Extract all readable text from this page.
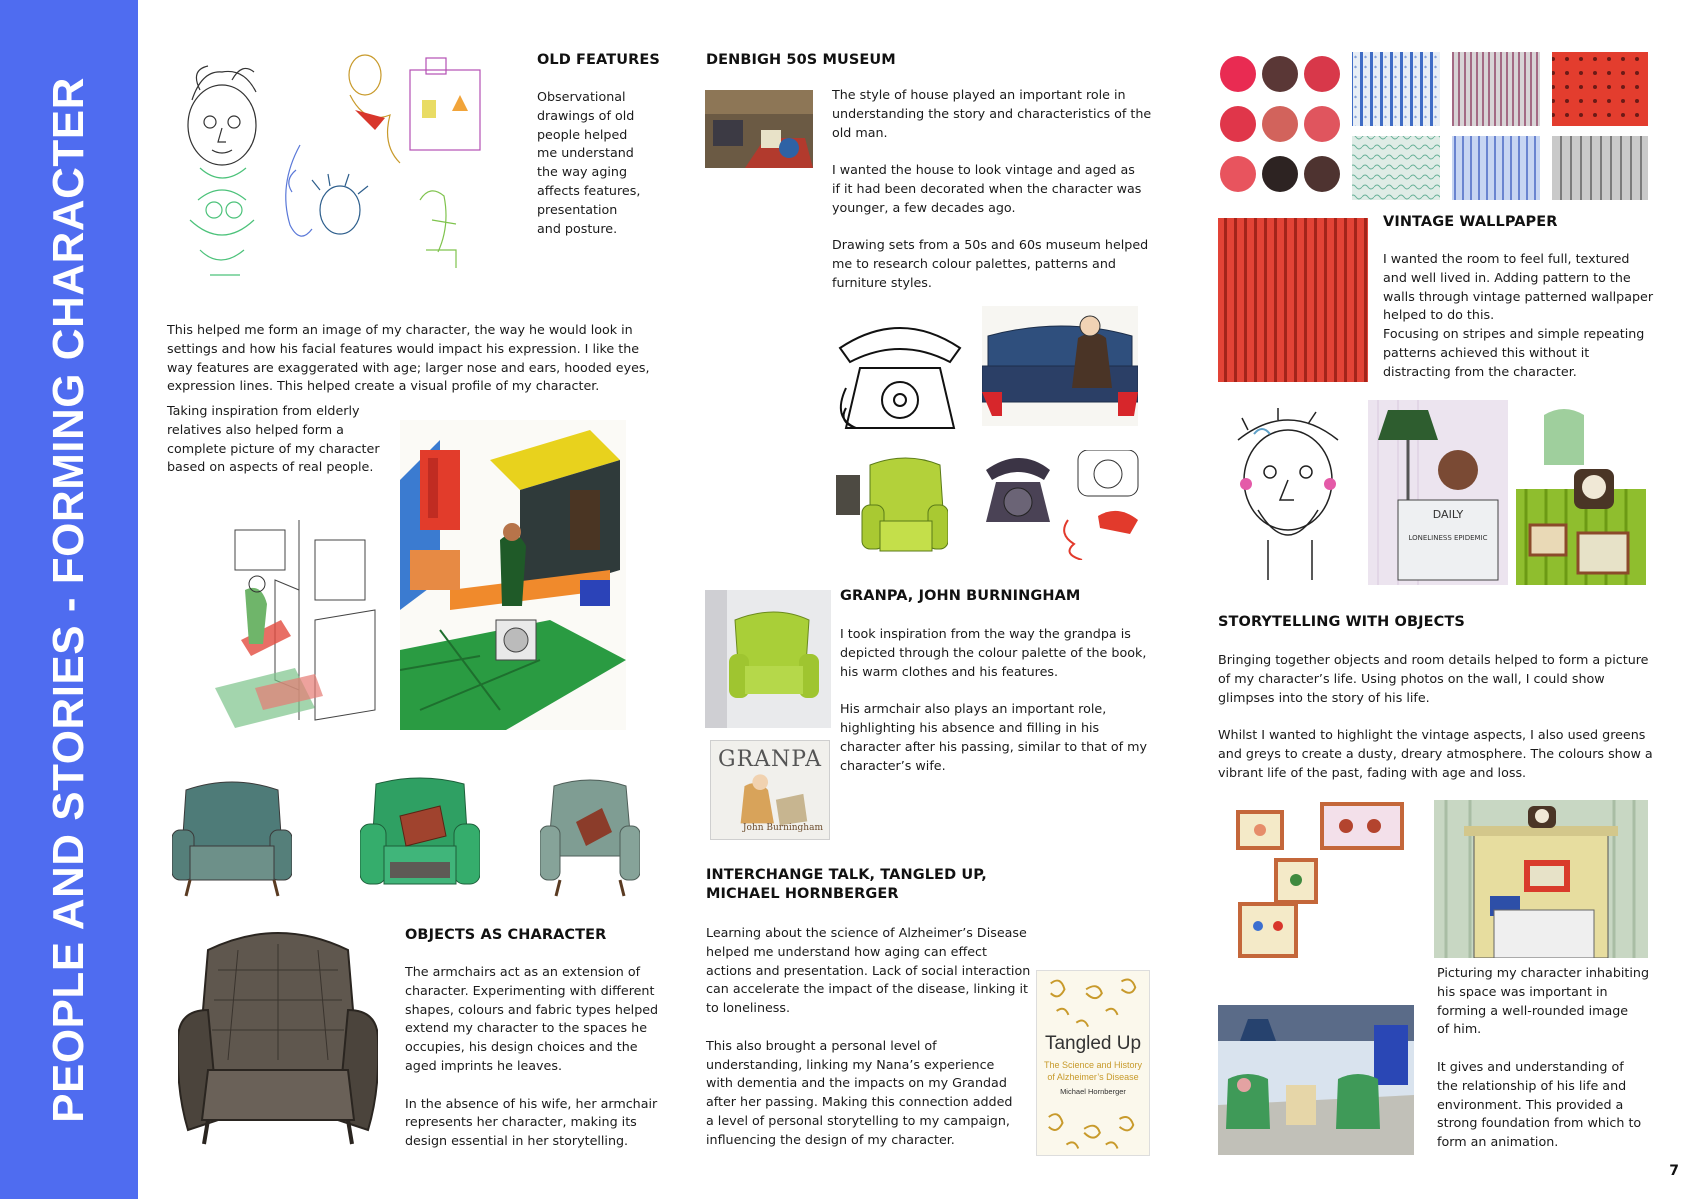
PEOPLE AND STORIES - FORMING CHARACTER
OLD FEATURES
Observational
drawings of old
people helped
me understand
the way aging
affects features,
presentation
and posture.
This helped me form an image of my character, the way he would look in
settings and how his facial features would impact his expression. I like the
way features are exaggerated with age; larger nose and ears, hooded eyes,
expression lines. This helped create a visual profile of my character.
Taking inspiration from elderly
relatives also helped form a
complete picture of my character
based on aspects of real people.
OBJECTS AS CHARACTER
The armchairs act as an extension of
character. Experimenting with different
shapes, colours and fabric types helped
extend my character to the spaces he
occupies, his design choices and the
aged imprints he leaves.

In the absence of his wife, her armchair
represents her character, making its
design essential in her storytelling.
DENBIGH 50S MUSEUM
The style of house played an important role in
understanding the story and characteristics of the
old man.

I wanted the house to look vintage and aged as
if it had been decorated when the character was
younger, a few decades ago.

Drawing sets from a 50s and 60s museum helped
me to research colour palettes, patterns and
furniture styles.
GRANPA
John Burningham
GRANPA, JOHN BURNINGHAM
I took inspiration from the way the grandpa is
depicted through the colour palette of the book,
his warm clothes and his features.

His armchair also plays an important role,
highlighting his absence and filling in his
character after his passing, similar to that of my
character’s wife.
INTERCHANGE TALK, TANGLED UP,
MICHAEL HORNBERGER
Learning about the science of Alzheimer’s Disease
helped me understand how aging can effect
actions and presentation. Lack of social interaction
can accelerate the impact of the disease, linking it
to loneliness.

This also brought a personal level of
understanding, linking my Nana’s experience
with dementia and the impacts on my Grandad
after her passing. Making this connection added
a level of personal storytelling to my campaign,
influencing the design of my character.
Tangled Up
The Science and History of Alzheimer’s Disease
Michael Hornberger
VINTAGE WALLPAPER
I wanted the room to feel full, textured
and well lived in. Adding pattern to the
walls through vintage patterned wallpaper
helped to do this.
Focusing on stripes and simple repeating
patterns achieved this without it
distracting from the character.
DAILY
LONELINESS EPIDEMIC
STORYTELLING WITH OBJECTS
Bringing together objects and room details helped to form a picture
of my character’s life. Using photos on the wall, I could show
glimpses into the story of his life.

Whilst I wanted to highlight the vintage aspects, I also used greens
and greys to create a dusty, dreary atmosphere. The colours show a
vibrant life of the past, fading with age and loss.
Picturing my character inhabiting
his space was important in
forming a well-rounded image
of him.

It gives and understanding of
the relationship of his life and
environment. This provided a
strong foundation from which to
form an animation.
7
